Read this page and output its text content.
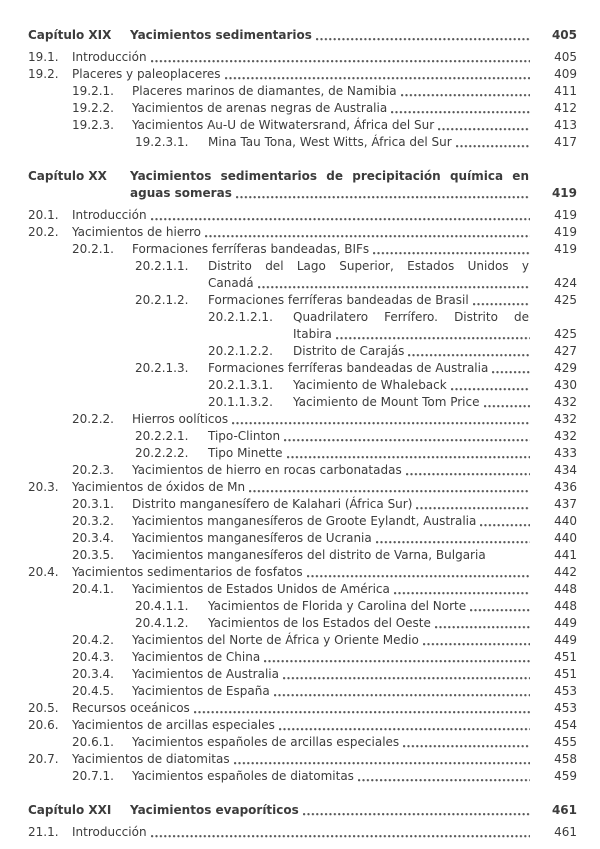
Capítulo XIX	Yacimientos sedimentarios	405
19.1.	Introducción	405
19.2.	Placeres y paleoplaceres	409
19.2.1.	Placeres marinos de diamantes, de Namibia	411
19.2.2.	Yacimientos de arenas negras de Australia	412
19.2.3.	Yacimientos Au-U de Witwatersrand, África del Sur	413
19.2.3.1.	Mina Tau Tona, West Witts, África del Sur	417
Capítulo XX	Yacimientos sedimentarios de precipitación química en
aguas someras	419
20.1.	Introducción	419
20.2.	Yacimientos de hierro	419
20.2.1.	Formaciones ferríferas bandeadas, BIFs	419
20.2.1.1.	Distrito del Lago Superior, Estados Unidos y
Canadá	424
20.2.1.2.	Formaciones ferríferas bandeadas de Brasil	425
20.2.1.2.1.	Quadrilatero Ferrífero. Distrito de
Itabira	425
20.2.1.2.2.	Distrito de Carajás	427
20.2.1.3.	Formaciones ferríferas bandeadas de Australia	429
20.2.1.3.1.	Yacimiento de Whaleback	430
20.1.1.3.2.	Yacimiento de Mount Tom Price	432
20.2.2.	Hierros oolíticos	432
20.2.2.1.	Tipo-Clinton	432
20.2.2.2.	Tipo Minette	433
20.2.3.	Yacimientos de hierro en rocas carbonatadas	434
20.3.	Yacimientos de óxidos de Mn	436
20.3.1.	Distrito manganesífero de Kalahari (África Sur)	437
20.3.2.	Yacimientos manganesíferos de Groote Eylandt, Australia	440
20.3.4.	Yacimientos manganesíferos de Ucrania	440
20.3.5.	Yacimientos manganesíferos del distrito de Varna, Bulgaria	441
20.4.	Yacimientos sedimentarios de fosfatos	442
20.4.1.	Yacimientos de Estados Unidos de América	448
20.4.1.1.	Yacimientos de Florida y Carolina del Norte	448
20.4.1.2.	Yacimientos de los Estados del Oeste	449
20.4.2.	Yacimientos del Norte de África y Oriente Medio	449
20.4.3.	Yacimientos de China	451
20.3.4.	Yacimientos de Australia	451
20.4.5.	Yacimientos de España	453
20.5.	Recursos oceánicos	453
20.6.	Yacimientos de arcillas especiales	454
20.6.1.	Yacimientos españoles de arcillas especiales	455
20.7.	Yacimientos de diatomitas	458
20.7.1.	Yacimientos españoles de diatomitas	459
Capítulo XXI	Yacimientos evaporíticos	461
21.1.	Introducción	461
